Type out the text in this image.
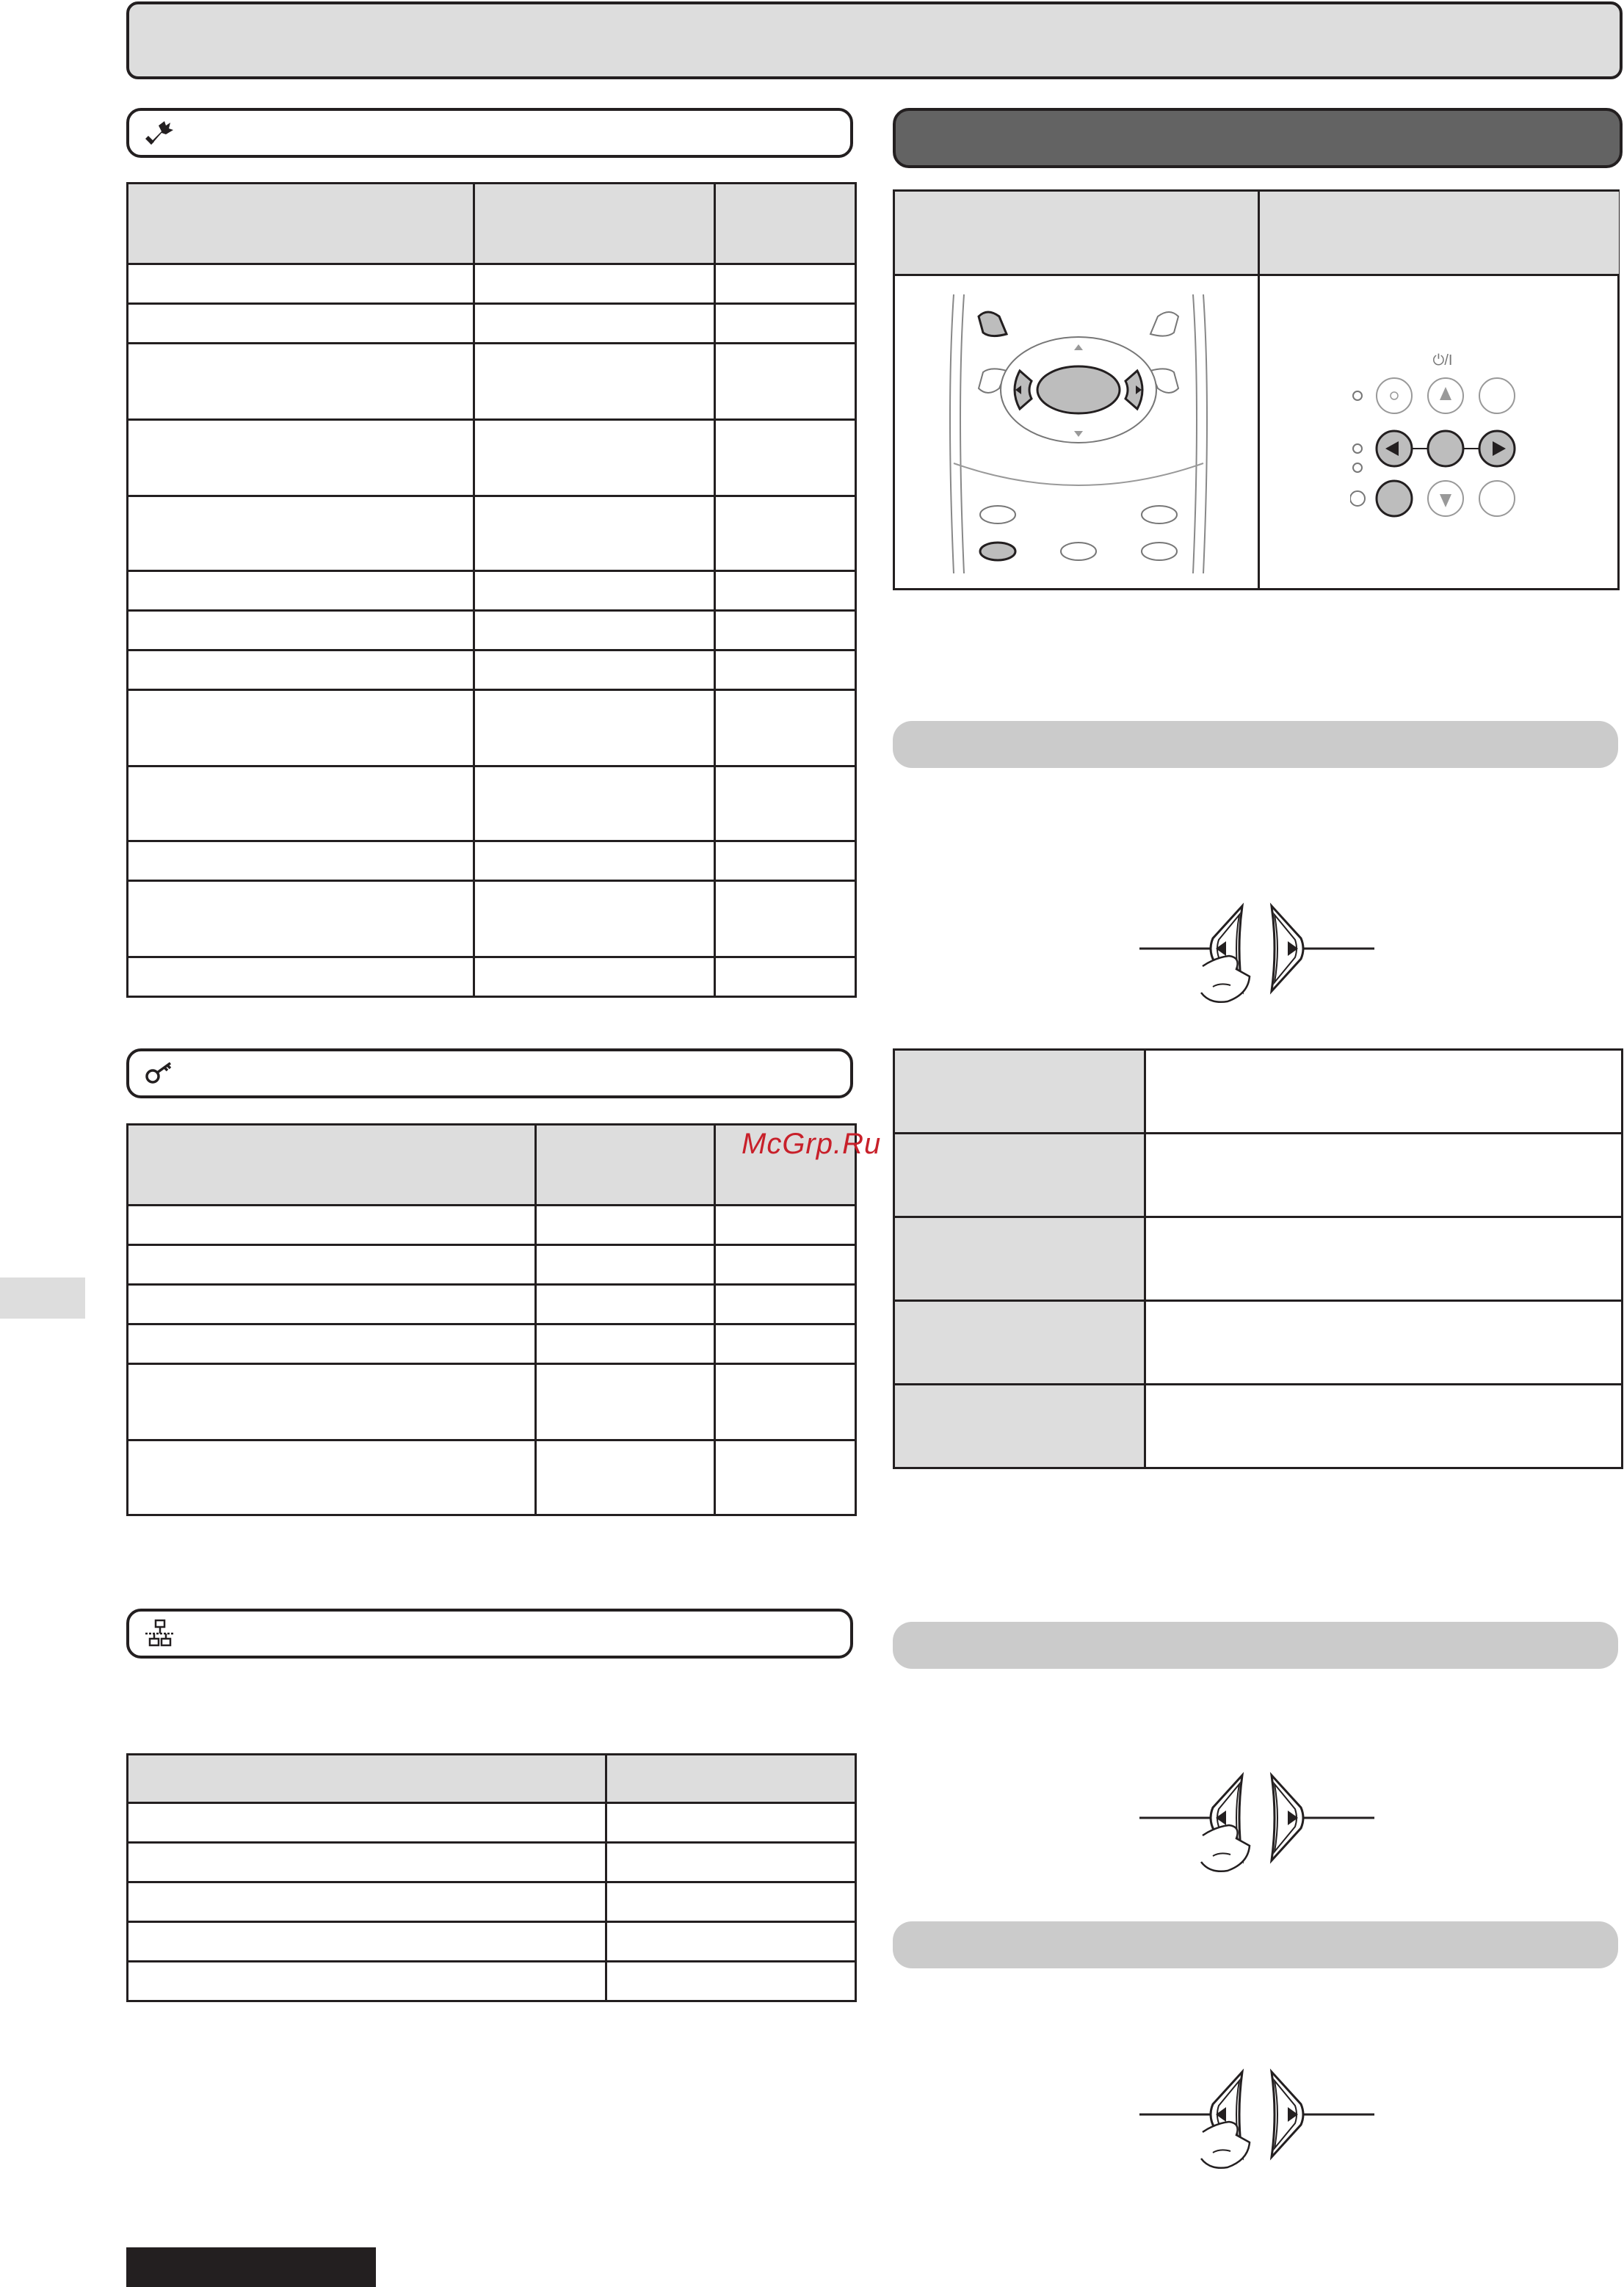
⏻/I

McGrp.Ru
